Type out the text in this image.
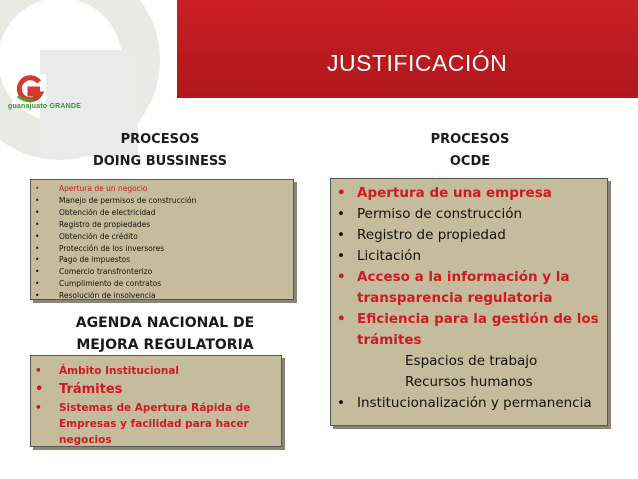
guanajuato GRANDE
JUSTIFICACIÓN
PROCESOS
DOING BUSSINESS
PROCESOS
OCDE
•	Apertura de un negocio
•	Manejo de permisos de construcción
•	Obtención de electricidad
•	Registro de propiedades
•	Obtención de crédito
•	Protección de los inversores
•	Pago de impuestos
•	Comercio transfronterizo
•	Cumplimiento de contratos
•	Resolución de insolvencia
AGENDA NACIONAL DE
MEJORA REGULATORIA
• Ámbito Institucional
• Trámites
• Sistemas de Apertura Rápida de Empresas y facilidad para hacer negocios
• Apertura de una empresa
• Permiso de construcción
• Registro de propiedad
• Licitación
• Acceso a la información y la transparencia regulatoria
• Eficiencia para la gestión de los trámites
Espacios de trabajo
Recursos humanos
• Institucionalización y permanencia
